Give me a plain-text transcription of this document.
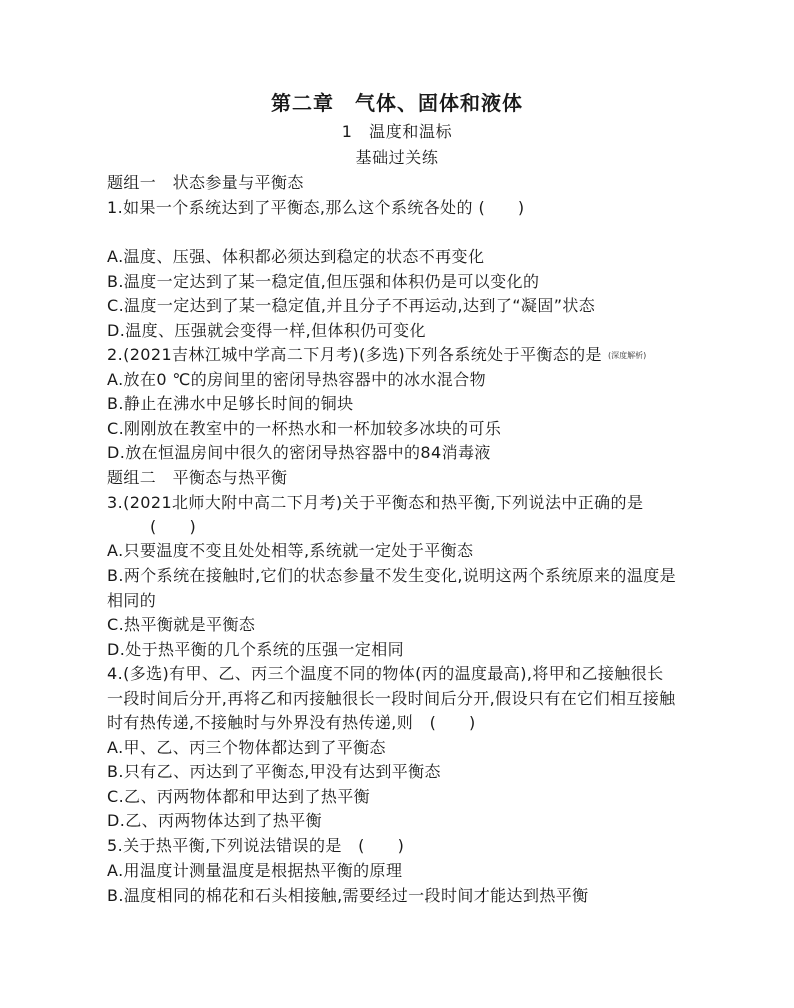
第二章　气体、固体和液体
1　温度和温标
基础过关练
题组一　状态参量与平衡态
1.如果一个系统达到了平衡态,那么这个系统各处的 (　　)
A.温度、压强、体积都必须达到稳定的状态不再变化
B.温度一定达到了某一稳定值,但压强和体积仍是可以变化的
C.温度一定达到了某一稳定值,并且分子不再运动,达到了“凝固”状态
D.温度、压强就会变得一样,但体积仍可变化
2.(2021吉林江城中学高二下月考)(多选)下列各系统处于平衡态的是 (深度解析)
A.放在0 ℃的房间里的密闭导热容器中的冰水混合物
B.静止在沸水中足够长时间的铜块
C.刚刚放在教室中的一杯热水和一杯加较多冰块的可乐
D.放在恒温房间中很久的密闭导热容器中的84消毒液
题组二　平衡态与热平衡
3.(2021北师大附中高二下月考)关于平衡态和热平衡,下列说法中正确的是
(　　)
A.只要温度不变且处处相等,系统就一定处于平衡态
B.两个系统在接触时,它们的状态参量不发生变化,说明这两个系统原来的温度是
相同的
C.热平衡就是平衡态
D.处于热平衡的几个系统的压强一定相同
4.(多选)有甲、乙、丙三个温度不同的物体(丙的温度最高),将甲和乙接触很长
一段时间后分开,再将乙和丙接触很长一段时间后分开,假设只有在它们相互接触
时有热传递,不接触时与外界没有热传递,则　(　　)
A.甲、乙、丙三个物体都达到了平衡态
B.只有乙、丙达到了平衡态,甲没有达到平衡态
C.乙、丙两物体都和甲达到了热平衡
D.乙、丙两物体达到了热平衡
5.关于热平衡,下列说法错误的是　(　　)
A.用温度计测量温度是根据热平衡的原理
B.温度相同的棉花和石头相接触,需要经过一段时间才能达到热平衡
